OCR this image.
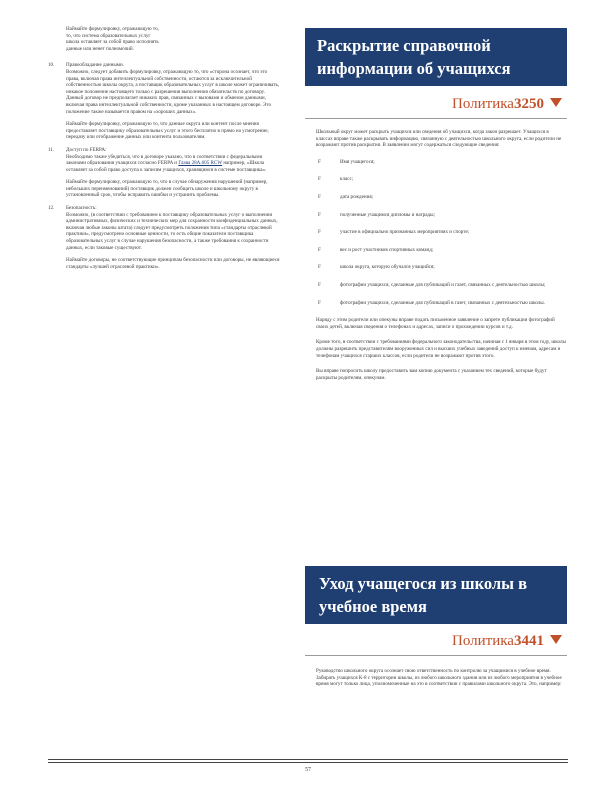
Наймайте формулировку, отражающую то,
то, что система образовательных услуг
школа оставляет за собой право исполнять
данные или ненет полномочий.
10. Правообладание данными.

Возможно, следует добавить формулировку, отражающую то, что «сторона осознает, что это права, включая права интеллектуальной собственности, остаются за исключительной собственностью школы округа, а поставщик образовательных услуг в школе может ограничивать, никакое положение настоящего только с разрешения выполнения обязательств по договору. Данный договор не предполагает никаких прав, связанных с вызовами и обменом данными, включая права интеллектуальной собственности, кроме указанных в настоящем договоре. Это положение также называется правом на «хороших данных».

Наймайте формулировку, отражающую то, что данные округа или контент после мнения предоставляет поставщику образовательных услуг и этого бесплатно в прямо на усмотрение, передачу или отображение данных или контента пользователям.

11. Доступ по FERPA:

Необходимо также убедиться, что в договоре указано, что в соответствии с федеральными законами образования учащихся согласно FERPA и Глава 28А.605 RCW например, «Школа оставляет за собой право доступа к записям учащихся, хранящимся в системе поставщика».

Наймайте формулировку, отражающую то, что в случае обнаружения нарушений (например, небольших переименований) поставщик должен сообщить школе и школьному округу в установленный срок, чтобы исправить ошибки и устранить проблемы.

12. Безопасность:

Возможно, (в соответствии с требованием к поставщику образовательных услуг о выполнении административных, физических и технических мер для сохранности конфиденциальных данных, включая любые законы штата) следует предусмотреть положения типа «стандарты отраслевой практики», предусмотрено основные ценности, то есть общие показатели поставщика образовательных услуг в случае нарушения безопасности, а также требования к сохранности данных, если таковые существуют.

Наймайте договоры, не соответствующие принципам безопасности или договоры, не являющиеся стандарты «лучшей отраслевой практики».

Раскрытие справочной
информации об учащихся
Политика3250

Школьный округ может раскрыть учащихся или сведения об учащихся, когда закон разрешает. Учащихся в классах вправе также раскрывать информацию, связанную с деятельностью школьного округа, если родители не возражают против раскрытия. В заявлении могут содержаться следующие сведения:

F	Имя учащегося;
F	класс;
F	дата рождения;
F	полученные учащимся дипломы и награды;
F	участие в официально признанных мероприятиях и спорте;
F	вес и рост участников спортивных команд;
F	школа округа, которую обучался учащийся;
F	фотографии учащихся, сделанные для публикаций и газет, связанных с деятельностью школы;
F	фотографии учащихся, сделанные для публикаций в газет, связанных с деятельностью школы.

Наряду с этим родители или опекуны вправе подать письменное заявление о запрете публикации фотографий своих детей, включая сведения о телефонах и адресах, записи о прохождении курсов и т.д.

Кроме того, в соответствии с требованиями федерального законодательства, начиная с 1 января в этом году, школы должны разрешить представителям вооруженных сил и высших учебных заведений доступ к именам, адресам и телефонам учащихся старших классов, если родители не возражают против этого.

Вы вправе попросить школу предоставить вам копию документа с указанием тех сведений, которые будут раскрыты родителям, опекунам.

Уход учащегося из школы в
учебное время
Политика3441

Руководство школьного округа осознает свою ответственность по контролю за учащимися в учебное время. Забирать учащихся К-8 с территории школы, из любого школьного здания или из любого мероприятия в учебное время могут только лица, уполномоченные на это в соответствии с правилами школьного округа. Это, например:

57
